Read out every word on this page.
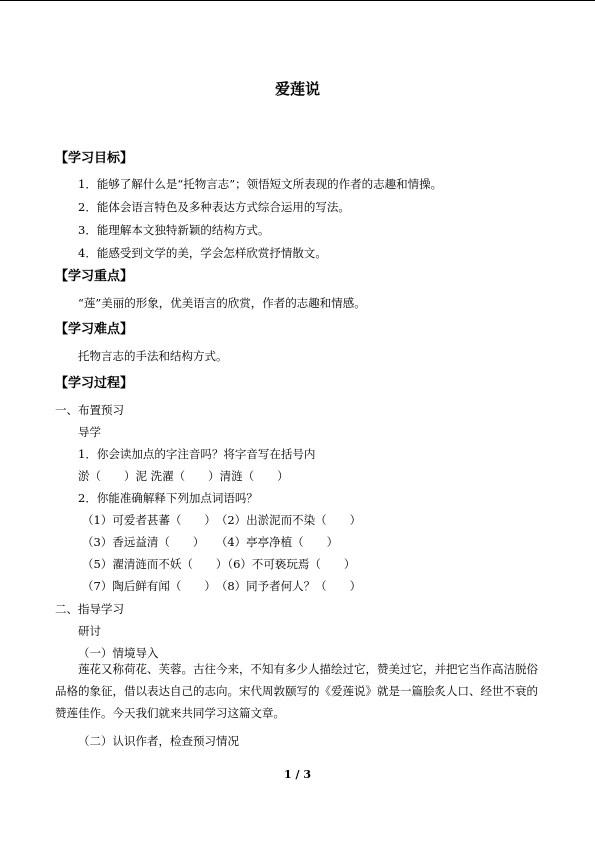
爱莲说
【学习目标】
1．能够了解什么是“托物言志”；领悟短文所表现的作者的志趣和情操。
2．能体会语言特色及多种表达方式综合运用的写法。
3．能理解本文独特新颖的结构方式。
4．能感受到文学的美，学会怎样欣赏抒情散文。
【学习重点】
“莲”美丽的形象，优美语言的欣赏，作者的志趣和情感。
【学习难点】
托物言志的手法和结构方式。
【学习过程】
一、布置预习
导学
1．你会读加点的字注音吗？将字音写在括号内
淤（　　）泥 洗濯（　　）清涟（　　）
2．你能准确解释下列加点词语吗？
（1）可爱者甚蕃（　　）　（2）出淤泥而不染（　　）
（3）香远益清（　　）　　（4）亭亭净植（　　）
（5）濯清涟而不妖（　　）（6）不可亵玩焉（　　）
（7）陶后鲜有闻（　　）　（8）同予者何人？（　　）
二、指导学习
研讨
（一）情境导入
莲花又称荷花、芙蓉。古往今来，不知有多少人描绘过它，赞美过它，并把它当作高洁脱俗品格的象征，借以表达自己的志向。宋代周敦颐写的《爱莲说》就是一篇脍炙人口、经世不衰的赞莲佳作。今天我们就来共同学习这篇文章。
（二）认识作者，检查预习情况
1 / 3
